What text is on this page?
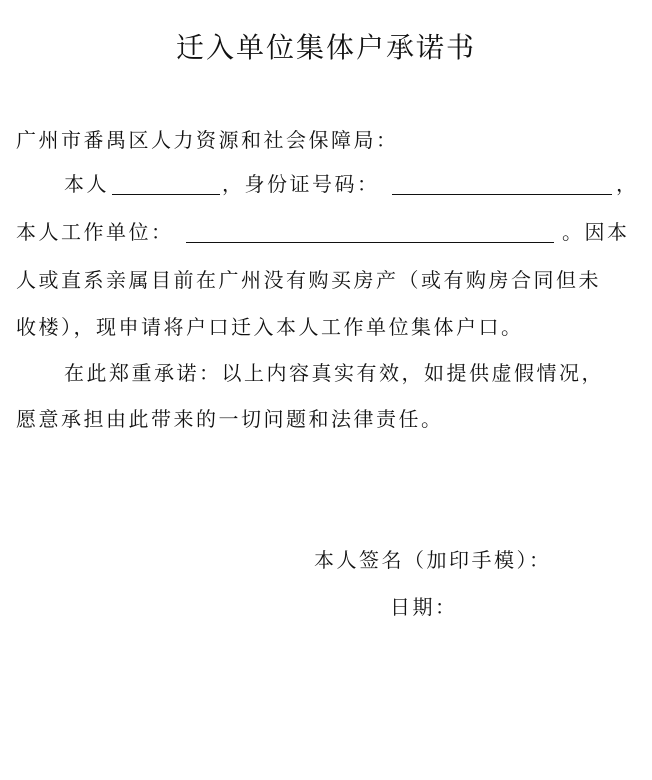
迁入单位集体户承诺书
广州市番禺区人力资源和社会保障局：
本人	，身份证号码：	，
本人工作单位：	。因本
人或直系亲属目前在广州没有购买房产（或有购房合同但未
收楼），现申请将户口迁入本人工作单位集体户口。
在此郑重承诺：以上内容真实有效，如提供虚假情况，
愿意承担由此带来的一切问题和法律责任。
本人签名（加印手模）：
日期：
